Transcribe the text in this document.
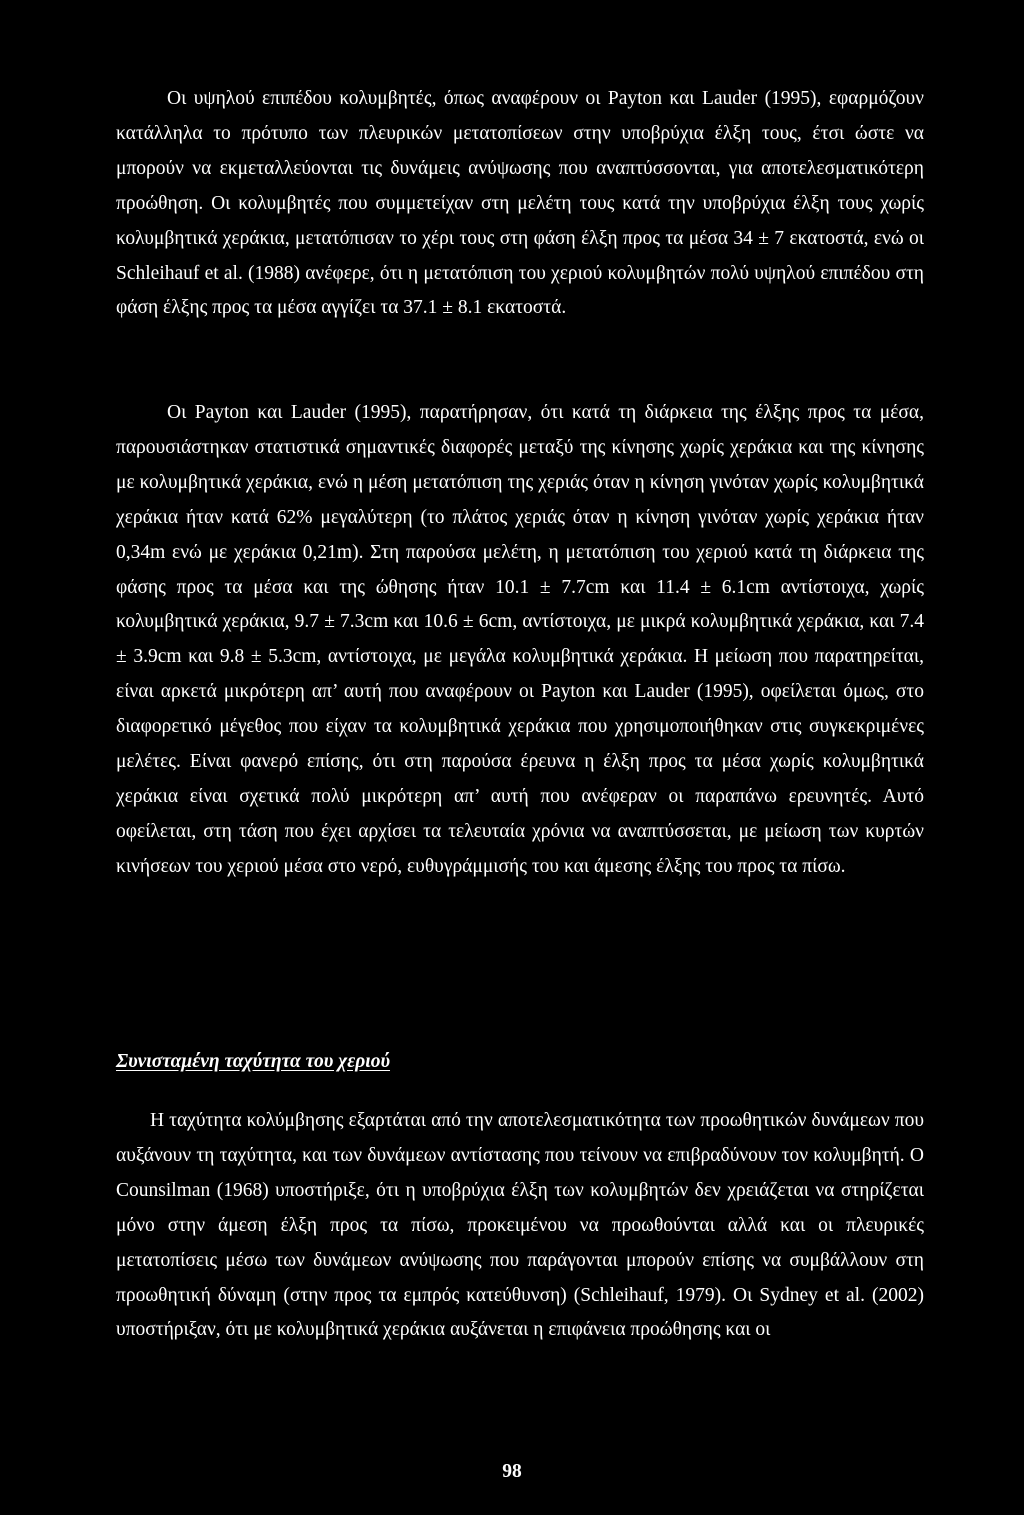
Οι υψηλού επιπέδου κολυμβητές, όπως αναφέρουν οι Payton και Lauder (1995), εφαρμόζουν κατάλληλα το πρότυπο των πλευρικών μετατοπίσεων στην υποβρύχια έλξη τους, έτσι ώστε να μπορούν να εκμεταλλεύονται τις δυνάμεις ανύψωσης που αναπτύσσονται, για αποτελεσματικότερη προώθηση. Οι κολυμβητές που συμμετείχαν στη μελέτη τους κατά την υποβρύχια έλξη τους χωρίς κολυμβητικά χεράκια, μετατόπισαν το χέρι τους στη φάση έλξη προς τα μέσα 34 ± 7 εκατοστά, ενώ οι Schleihauf et al. (1988) ανέφερε, ότι η μετατόπιση του χεριού κολυμβητών πολύ υψηλού επιπέδου στη φάση έλξης προς τα μέσα αγγίζει τα 37.1 ± 8.1 εκατοστά.

Οι Payton και Lauder (1995), παρατήρησαν, ότι κατά τη διάρκεια της έλξης προς τα μέσα, παρουσιάστηκαν στατιστικά σημαντικές διαφορές μεταξύ της κίνησης χωρίς χεράκια και της κίνησης με κολυμβητικά χεράκια, ενώ η μέση μετατόπιση της χεριάς όταν η κίνηση γινόταν χωρίς κολυμβητικά χεράκια ήταν κατά 62% μεγαλύτερη (το πλάτος χεριάς όταν η κίνηση γινόταν χωρίς χεράκια ήταν 0,34m ενώ με χεράκια 0,21m). Στη παρούσα μελέτη, η μετατόπιση του χεριού κατά τη διάρκεια της φάσης προς τα μέσα και της ώθησης ήταν 10.1 ± 7.7cm και 11.4 ± 6.1cm αντίστοιχα, χωρίς κολυμβητικά χεράκια, 9.7 ± 7.3cm και 10.6 ± 6cm, αντίστοιχα, με μικρά κολυμβητικά χεράκια, και 7.4 ± 3.9cm και 9.8 ± 5.3cm, αντίστοιχα, με μεγάλα κολυμβητικά χεράκια. Η μείωση που παρατηρείται, είναι αρκετά μικρότερη απ’ αυτή που αναφέρουν οι Payton και Lauder (1995), οφείλεται όμως, στο διαφορετικό μέγεθος που είχαν τα κολυμβητικά χεράκια που χρησιμοποιήθηκαν στις συγκεκριμένες μελέτες. Είναι φανερό επίσης, ότι στη παρούσα έρευνα η έλξη προς τα μέσα χωρίς κολυμβητικά χεράκια είναι σχετικά πολύ μικρότερη απ’ αυτή που ανέφεραν οι παραπάνω ερευνητές. Αυτό οφείλεται, στη τάση που έχει αρχίσει τα τελευταία χρόνια να αναπτύσσεται, με μείωση των κυρτών κινήσεων του χεριού μέσα στο νερό, ευθυγράμμισής του και άμεσης έλξης του προς τα πίσω.

Συνισταμένη ταχύτητα του χεριού

Η ταχύτητα κολύμβησης εξαρτάται από την αποτελεσματικότητα των προωθητικών δυνάμεων που αυξάνουν τη ταχύτητα, και των δυνάμεων αντίστασης που τείνουν να επιβραδύνουν τον κολυμβητή. Ο Counsilman (1968) υποστήριξε, ότι η υποβρύχια έλξη των κολυμβητών δεν χρειάζεται να στηρίζεται μόνο στην άμεση έλξη προς τα πίσω, προκειμένου να προωθούνται αλλά και οι πλευρικές μετατοπίσεις μέσω των δυνάμεων ανύψωσης που παράγονται μπορούν επίσης να συμβάλλουν στη προωθητική δύναμη (στην προς τα εμπρός κατεύθυνση) (Schleihauf, 1979). Οι Sydney et al. (2002) υποστήριξαν, ότι με κολυμβητικά χεράκια αυξάνεται η επιφάνεια προώθησης και οι

98
